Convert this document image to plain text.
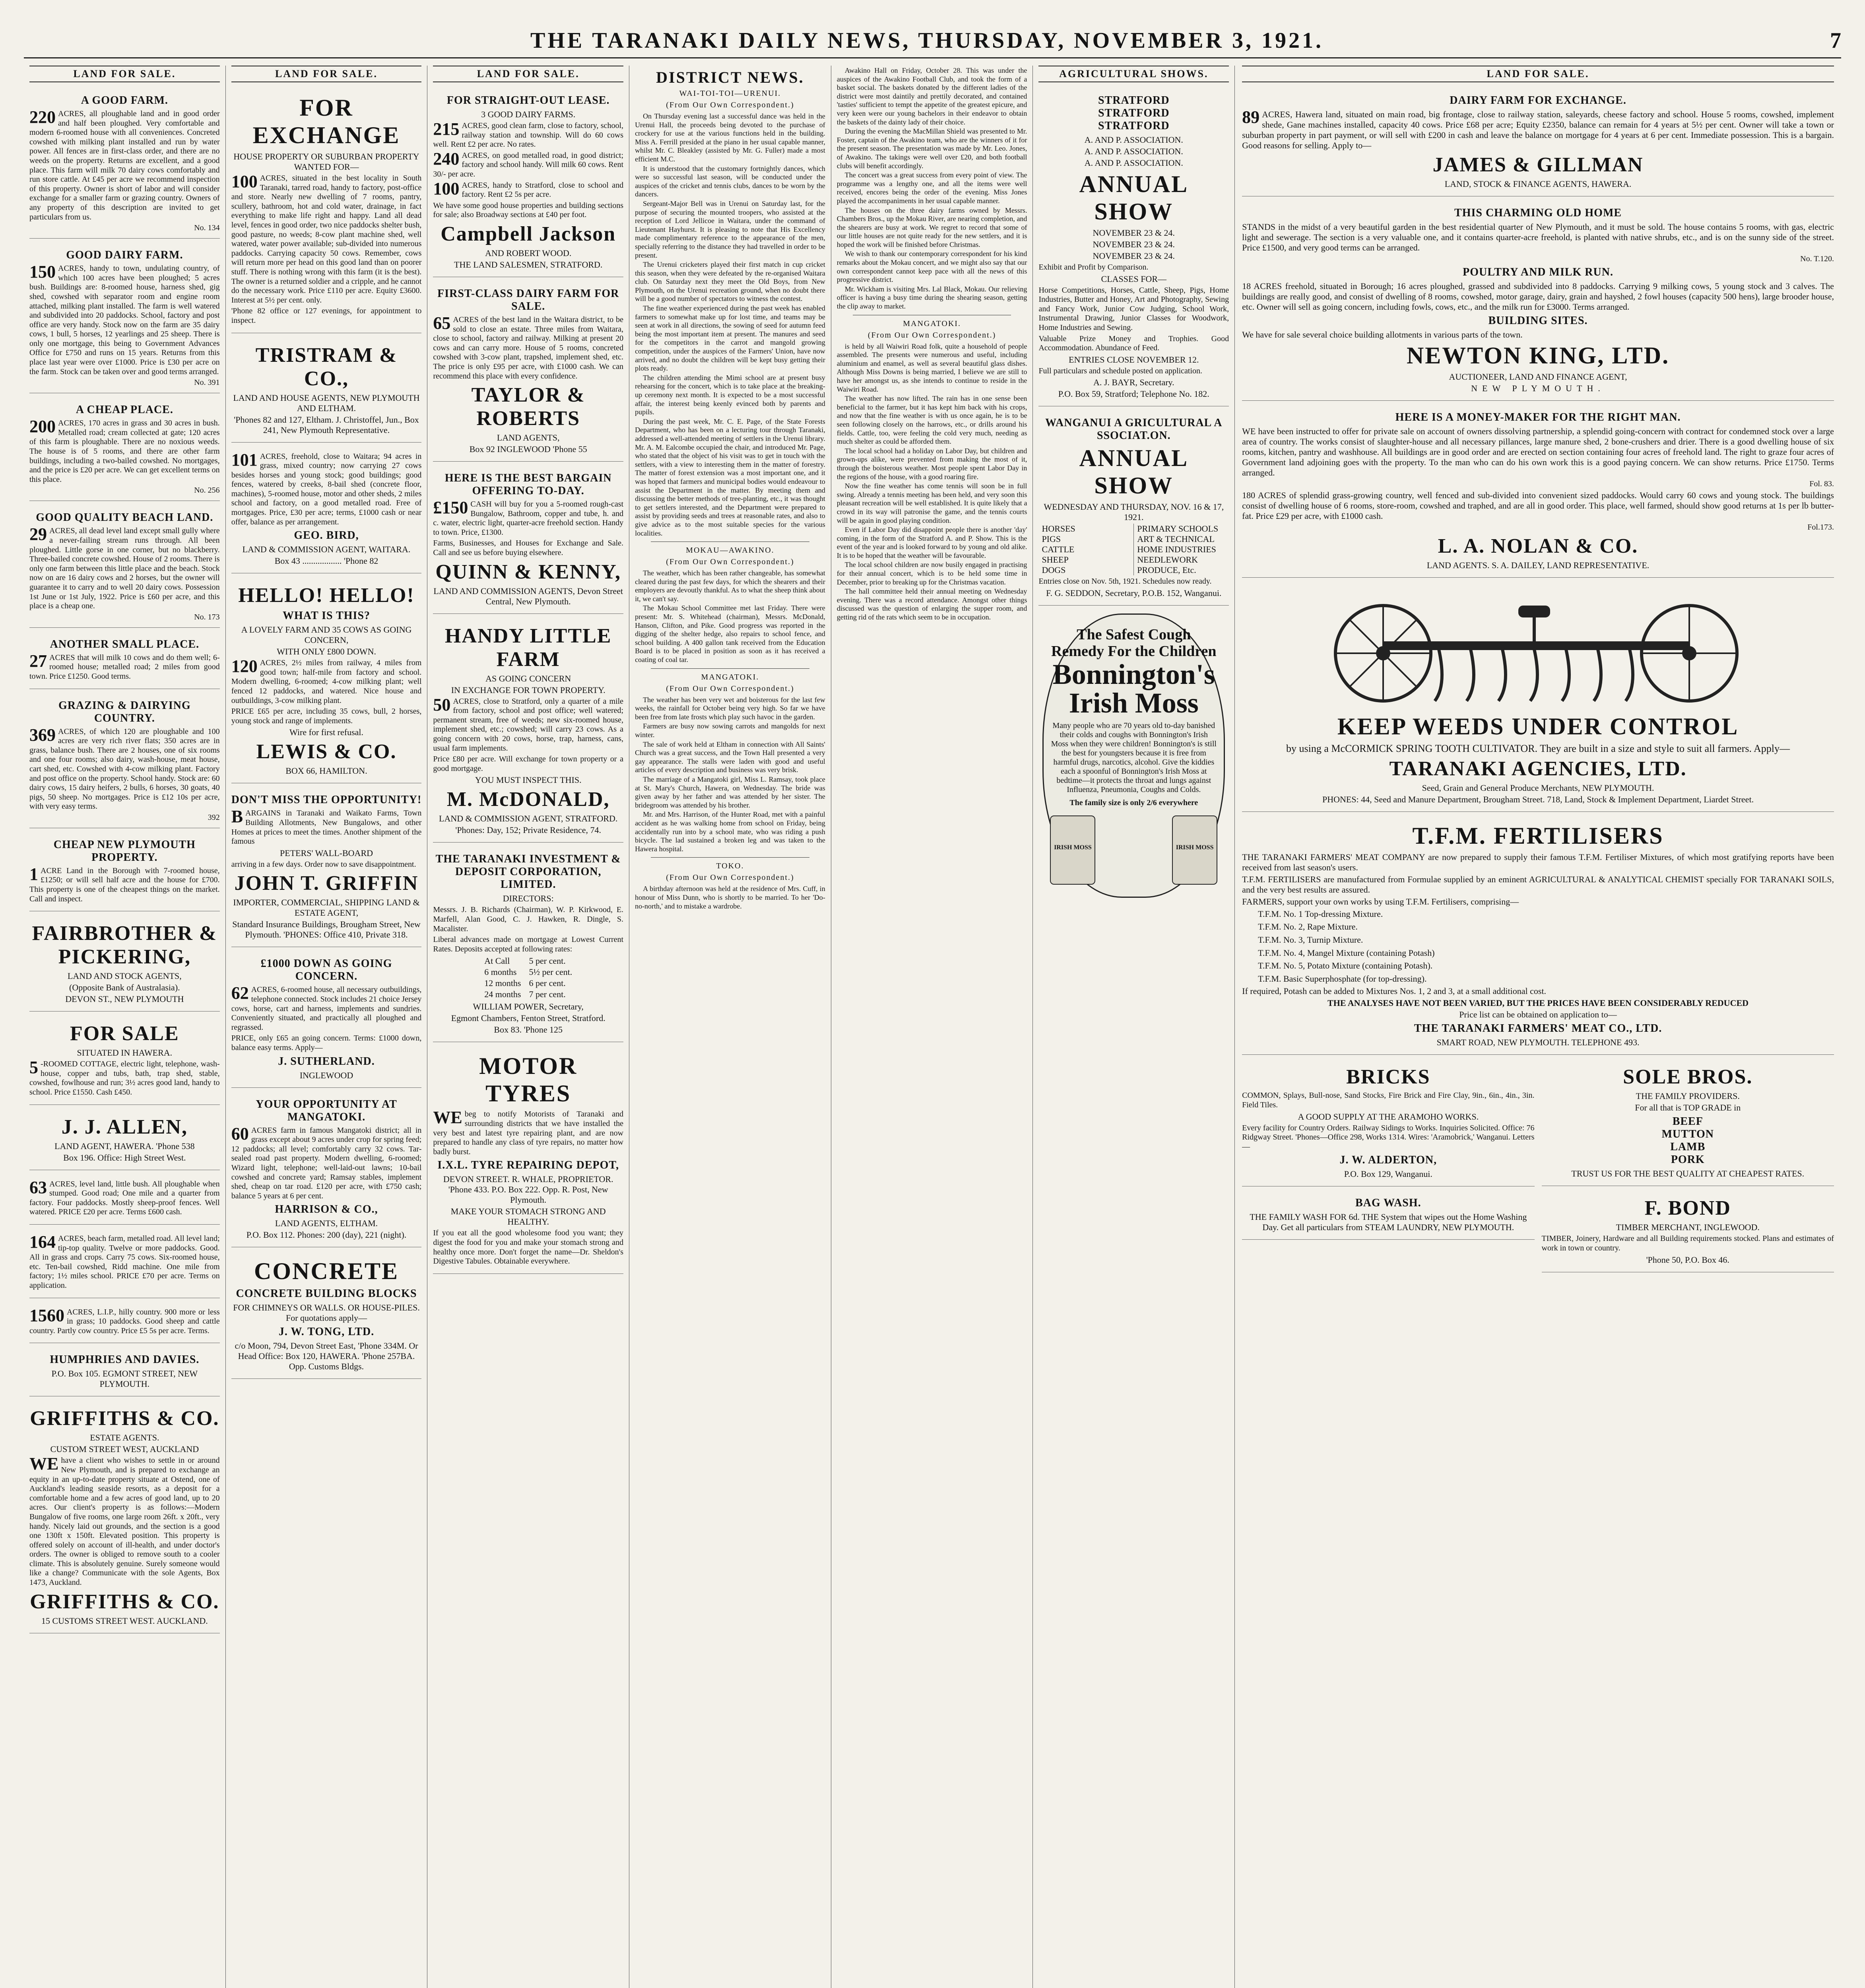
THE TARANAKI DAILY NEWS, THURSDAY, NOVEMBER 3, 1921.	7
LAND FOR SALE.
A GOOD FARM.
220 ACRES, all ploughable land and in good order and half been ploughed. Very comfortable and modern 6-roomed house with all conveniences. Concreted cowshed with milking plant installed and run by water power. All fences are in first-class order, and there are no weeds on the property. Returns are excellent, and a good place. This farm will milk 70 dairy cows comfortably and run store cattle. At £45 per acre we recommend inspection of this property. Owner is short of labor and will consider exchange for a smaller farm or grazing country. Owners of any property of this description are invited to get particulars from us.
No. 134
GOOD DAIRY FARM.
150 ACRES, handy to town, undulating country, of which 100 acres have been ploughed; 5 acres bush. Buildings are: 8-roomed house, harness shed, gig shed, cowshed with separator room and engine room attached, milking plant installed. The farm is well watered and subdivided into 20 paddocks. School, factory and post office are very handy. Stock now on the farm are 35 dairy cows, 1 bull, 5 horses, 12 yearlings and 25 sheep. There is only one mortgage, this being to Government Advances Office for £750 and runs on 15 years. Returns from this place last year were over £1000. Price is £30 per acre on the farm. Stock can be taken over and good terms arranged.
No. 391
A CHEAP PLACE.
200 ACRES, 170 acres in grass and 30 acres in bush. Metalled road; cream collected at gate; 120 acres of this farm is ploughable. There are no noxious weeds. The house is of 5 rooms, and there are other farm buildings, including a two-bailed cowshed. No mortgages, and the price is £20 per acre. We can get excellent terms on this place.
No. 256
GOOD QUALITY BEACH LAND.
29 ACRES, all dead level land except small gully where a never-failing stream runs through. All been ploughed. Little gorse in one corner, but no blackberry. Three-bailed concrete cowshed. House of 2 rooms. There is only one farm between this little place and the beach. Stock now on are 16 dairy cows and 2 horses, but the owner will guarantee it to carry and to well 20 dairy cows. Possession 1st June or 1st July, 1922. Price is £60 per acre, and this place is a cheap one.
No. 173
ANOTHER SMALL PLACE.
27 ACRES that will milk 10 cows and do them well; 6-roomed house; metalled road; 2 miles from good town. Price £1250. Good terms.
GRAZING & DAIRYING COUNTRY.
369 ACRES, of which 120 are ploughable and 100 acres are very rich river flats; 350 acres are in grass, balance bush. There are 2 houses, one of six rooms and one four rooms; also dairy, wash-house, meat house, cart shed, etc. Cowshed with 4-cow milking plant. Factory and post office on the property. School handy. Stock are: 60 dairy cows, 15 dairy heifers, 2 bulls, 6 horses, 30 goats, 40 pigs, 50 sheep. No mortgages. Price is £12 10s per acre, with very easy terms.
392
CHEAP NEW PLYMOUTH PROPERTY.
1 ACRE Land in the Borough with 7-roomed house, £1250; or will sell half acre and the house for £700. This property is one of the cheapest things on the market. Call and inspect.
FAIRBROTHER & PICKERING,
LAND AND STOCK AGENTS,
(Opposite Bank of Australasia).
DEVON ST., NEW PLYMOUTH
FOR SALE
SITUATED IN HAWERA.
5 -ROOMED COTTAGE, electric light, telephone, wash-house, copper and tubs, bath, trap shed, stable, cowshed, fowlhouse and run; 3½ acres good land, handy to school. Price £1550. Cash £450.
J. J. ALLEN,
LAND AGENT, HAWERA. 'Phone 538
Box 196. Office: High Street West.
63 ACRES, level land, little bush. All ploughable when stumped. Good road; One mile and a quarter from factory. Four paddocks. Mostly sheep-proof fences. Well watered. PRICE £20 per acre. Terms £600 cash.
164 ACRES, beach farm, metalled road. All level land; tip-top quality. Twelve or more paddocks. Good. All in grass and crops. Carry 75 cows. Six-roomed house, etc. Ten-bail cowshed, Ridd machine. One mile from factory; 1½ miles school. PRICE £70 per acre. Terms on application.
1560 ACRES, L.I.P., hilly country. 900 more or less in grass; 10 paddocks. Good sheep and cattle country. Partly cow country. Price £5 5s per acre. Terms.
HUMPHRIES AND DAVIES.
P.O. Box 105. EGMONT STREET, NEW PLYMOUTH.
GRIFFITHS & CO.
ESTATE AGENTS.
CUSTOM STREET WEST, AUCKLAND
WE have a client who wishes to settle in or around New Plymouth, and is prepared to exchange an equity in an up-to-date property situate at Ostend, one of Auckland's leading seaside resorts, as a deposit for a comfortable home and a few acres of good land, up to 20 acres. Our client's property is as follows:—Modern Bungalow of five rooms, one large room 26ft. x 20ft., very handy. Nicely laid out grounds, and the section is a good one 130ft x 150ft. Elevated position. This property is offered solely on account of ill-health, and under doctor's orders. The owner is obliged to remove south to a cooler climate. This is absolutely genuine. Surely someone would like a change? Communicate with the sole Agents, Box 1473, Auckland.
GRIFFITHS & CO.
15 CUSTOMS STREET WEST. AUCKLAND.
LAND FOR SALE.
FOR EXCHANGE
HOUSE PROPERTY OR SUBURBAN PROPERTY WANTED FOR—
100 ACRES, situated in the best locality in South Taranaki, tarred road, handy to factory, post-office and store. Nearly new dwelling of 7 rooms, pantry, scullery, bathroom, hot and cold water, drainage, in fact everything to make life right and happy. Land all dead level, fences in good order, two nice paddocks shelter bush, good pasture, no weeds; 8-cow plant machine shed, well watered, water power available; sub-divided into numerous paddocks. Carrying capacity 50 cows. Remember, cows will return more per head on this good land than on poorer stuff. There is nothing wrong with this farm (it is the best). The owner is a returned soldier and a cripple, and he cannot do the necessary work. Price £110 per acre. Equity £3600. Interest at 5½ per cent. only.
'Phone 82 office or 127 evenings, for appointment to inspect.
TRISTRAM & CO.,
LAND AND HOUSE AGENTS, NEW PLYMOUTH AND ELTHAM.
'Phones 82 and 127, Eltham. J. Christoffel, Jun., Box 241, New Plymouth Representative.
101 ACRES, freehold, close to Waitara; 94 acres in grass, mixed country; now carrying 27 cows besides horses and young stock; good buildings; good fences, watered by creeks, 8-bail shed (concrete floor, machines), 5-roomed house, motor and other sheds, 2 miles school and factory, on a good metalled road. Free of mortgages. Price, £30 per acre; terms, £1000 cash or near offer, balance as per arrangement.
GEO. BIRD,
LAND & COMMISSION AGENT, WAITARA.
Box 43 .................. 'Phone 82
HELLO! HELLO!
WHAT IS THIS?
A LOVELY FARM AND 35 COWS AS GOING CONCERN,
WITH ONLY £800 DOWN.
120 ACRES, 2½ miles from railway, 4 miles from good town; half-mile from factory and school. Modern dwelling, 6-roomed; 4-cow milking plant; well fenced 12 paddocks, and watered. Nice house and outbuildings, 3-cow milking plant.
PRICE £65 per acre, including 35 cows, bull, 2 horses, young stock and range of implements.
Wire for first refusal.
LEWIS & CO.
BOX 66, HAMILTON.
DON'T MISS THE OPPORTUNITY!
BARGAINS in Taranaki and Waikato Farms, Town Building Allotments, New Bungalows, and other Homes at prices to meet the times. Another shipment of the famous
PETERS' WALL-BOARD
arriving in a few days. Order now to save disappointment.
JOHN T. GRIFFIN
IMPORTER, COMMERCIAL, SHIPPING LAND & ESTATE AGENT,
Standard Insurance Buildings, Brougham Street, New Plymouth. 'PHONES: Office 410, Private 318.
£1000 DOWN AS GOING CONCERN.
62 ACRES, 6-roomed house, all necessary outbuildings, telephone connected. Stock includes 21 choice Jersey cows, horse, cart and harness, implements and sundries. Conveniently situated, and practically all ploughed and regrassed.
PRICE, only £65 an going concern. Terms: £1000 down, balance easy terms. Apply—
J. SUTHERLAND.
INGLEWOOD
YOUR OPPORTUNITY AT MANGATOKI.
60 ACRES farm in famous Mangatoki district; all in grass except about 9 acres under crop for spring feed; 12 paddocks; all level; comfortably carry 32 cows. Tar-sealed road past property. Modern dwelling, 6-roomed; Wizard light, telephone; well-laid-out lawns; 10-bail cowshed and concrete yard; Ramsay stables, implement shed, cheap on tar road. £120 per acre, with £750 cash; balance 5 years at 6 per cent.
HARRISON & CO.,
LAND AGENTS, ELTHAM.
P.O. Box 112. Phones: 200 (day), 221 (night).
CONCRETE
CONCRETE BUILDING BLOCKS
FOR CHIMNEYS OR WALLS. OR HOUSE-PILES. For quotations apply—
J. W. TONG, LTD.
c/o Moon, 794, Devon Street East, 'Phone 334M. Or Head Office: Box 120, HAWERA. 'Phone 257BA. Opp. Customs Bldgs.
LAND FOR SALE.
FOR STRAIGHT-OUT LEASE.
3 GOOD DAIRY FARMS.
215 ACRES, good clean farm, close to factory, school, railway station and township. Will do 60 cows well. Rent £2 per acre. No rates.
240 ACRES, on good metalled road, in good district; factory and school handy. Will milk 60 cows. Rent 30/- per acre.
100 ACRES, handy to Stratford, close to school and factory. Rent £2 5s per acre.
We have some good house properties and building sections for sale; also Broadway sections at £40 per foot.
Campbell Jackson
AND ROBERT WOOD.
THE LAND SALESMEN, STRATFORD.
FIRST-CLASS DAIRY FARM FOR SALE.
65 ACRES of the best land in the Waitara district, to be sold to close an estate. Three miles from Waitara, close to school, factory and railway. Milking at present 20 cows and can carry more. House of 5 rooms, concreted cowshed with 3-cow plant, trapshed, implement shed, etc. The price is only £95 per acre, with £1000 cash. We can recommend this place with every confidence.
TAYLOR & ROBERTS
LAND AGENTS,
Box 92 INGLEWOOD 'Phone 55
HERE IS THE BEST BARGAIN OFFERING TO-DAY.
£150 CASH will buy for you a 5-roomed rough-cast Bungalow, Bathroom, copper and tube, h. and c. water, electric light, quarter-acre freehold section. Handy to town. Price, £1300.
Farms, Businesses, and Houses for Exchange and Sale. Call and see us before buying elsewhere.
QUINN & KENNY,
LAND AND COMMISSION AGENTS, Devon Street Central, New Plymouth.
HANDY LITTLE FARM
AS GOING CONCERN
IN EXCHANGE FOR TOWN PROPERTY.
50 ACRES, close to Stratford, only a quarter of a mile from factory, school and post office; well watered; permanent stream, free of weeds; new six-roomed house, implement shed, etc.; cowshed; will carry 23 cows. As a going concern with 20 cows, horse, trap, harness, cans, usual farm implements.
Price £80 per acre. Will exchange for town property or a good mortgage.
YOU MUST INSPECT THIS.
M. McDONALD,
LAND & COMMISSION AGENT, STRATFORD.
'Phones: Day, 152; Private Residence, 74.
THE TARANAKI INVESTMENT & DEPOSIT CORPORATION, LIMITED.
DIRECTORS:
Messrs. J. B. Richards (Chairman), W. P. Kirkwood, E. Marfell, Alan Good, C. J. Hawken, R. Dingle, S. Macalister.
Liberal advances made on mortgage at Lowest Current Rates. Deposits accepted at following rates:
At Call	5 per cent.
6 months	5½ per cent.
12 months	6 per cent.
24 months	7 per cent.
WILLIAM POWER, Secretary,
Egmont Chambers, Fenton Street, Stratford.
Box 83. 'Phone 125
MOTOR TYRES
WE beg to notify Motorists of Taranaki and surrounding districts that we have installed the very best and latest tyre repairing plant, and are now prepared to handle any class of tyre repairs, no matter how badly burst.
I.X.L. TYRE REPAIRING DEPOT,
DEVON STREET. R. WHALE, PROPRIETOR. 'Phone 433. P.O. Box 222. Opp. R. Post, New Plymouth.
MAKE YOUR STOMACH STRONG AND HEALTHY.
If you eat all the good wholesome food you want; they digest the food for you and make your stomach strong and healthy once more. Don't forget the name—Dr. Sheldon's Digestive Tabules. Obtainable everywhere.
DISTRICT NEWS.
WAI-TOI-TOI—URENUI.
(From Our Own Correspondent.)

On Thursday evening last a successful dance was held in the Urenui Hall, the proceeds being devoted to the purchase of crockery for use at the various functions held in the building. Miss A. Ferrill presided at the piano in her usual capable manner, whilst Mr. C. Bleakley (assisted by Mr. G. Fuller) made a most efficient M.C.

It is understood that the customary fortnightly dances, which were so successful last season, will be conducted under the auspices of the cricket and tennis clubs, dances to be worn by the dancers.

Sergeant-Major Bell was in Urenui on Saturday last, for the purpose of securing the mounted troopers, who assisted at the reception of Lord Jellicoe in Waitara, under the command of Lieutenant Hayhurst. It is pleasing to note that His Excellency made complimentary reference to the appearance of the men, specially referring to the distance they had travelled in order to be present.

The Urenui cricketers played their first match in cup cricket this season, when they were defeated by the re-organised Waitara club. On Saturday next they meet the Old Boys, from New Plymouth, on the Urenui recreation ground, when no doubt there will be a good number of spectators to witness the contest.

The fine weather experienced during the past week has enabled farmers to somewhat make up for lost time, and teams may be seen at work in all directions, the sowing of seed for autumn feed being the most important item at present. The manures and seed for the competitors in the carrot and mangold growing competition, under the auspices of the Farmers' Union, have now arrived, and no doubt the children will be kept busy getting their plots ready.

The children attending the Mimi school are at present busy rehearsing for the concert, which is to take place at the breaking-up ceremony next month. It is expected to be a most successful affair, the interest being keenly evinced both by parents and pupils.

During the past week, Mr. C. E. Page, of the State Forests Department, who has been on a lecturing tour through Taranaki, addressed a well-attended meeting of settlers in the Urenui library. Mr. A. M. Ealcombe occupied the chair, and introduced Mr. Page, who stated that the object of his visit was to get in touch with the settlers, with a view to interesting them in the matter of forestry. The matter of forest extension was a most important one, and it was hoped that farmers and municipal bodies would endeavour to assist the Department in the matter. By meeting them and discussing the better methods of tree-planting, etc., it was thought to get settlers interested, and the Department were prepared to assist by providing seeds and trees at reasonable rates, and also to give advice as to the most suitable species for the various localities.

MOKAU—AWAKINO.
(From Our Own Correspondent.)

The weather, which has been rather changeable, has somewhat cleared during the past few days, for which the shearers and their employers are devoutly thankful. As to what the sheep think about it, we can't say.

The Mokau School Committee met last Friday. There were present: Mr. S. Whitehead (chairman), Messrs. McDonald, Hanson, Clifton, and Pike. Good progress was reported in the digging of the shelter hedge, also repairs to school fence, and school building. A 400 gallon tank received from the Education Board is to be placed in position as soon as it has received a coating of coal tar.

MANGATOKI.
(From Our Own Correspondent.)

The weather has been very wet and boisterous for the last few weeks, the rainfall for October being very high. So far we have been free from late frosts which play such havoc in the garden.

Farmers are busy now sowing carrots and mangolds for next winter.

The sale of work held at Eltham in connection with All Saints' Church was a great success, and the Town Hall presented a very gay appearance. The stalls were laden with good and useful articles of every description and business was very brisk.

The marriage of a Mangatoki girl, Miss L. Ramsay, took place at St. Mary's Church, Hawera, on Wednesday. The bride was given away by her father and was attended by her sister. The bridegroom was attended by his brother.

Mr. and Mrs. Harrison, of the Hunter Road, met with a painful accident as he was walking home from school on Friday, being accidentally run into by a school mate, who was riding a push bicycle. The lad sustained a broken leg and was taken to the Hawera hospital.

TOKO.
(From Our Own Correspondent.)

A birthday afternoon was held at the residence of Mrs. Cuff, in honour of Miss Dunn, who is shortly to be married. To her 'Do-no-north,' and to mistake a wardrobe.

Awakino Hall on Friday, October 28. This was under the auspices of the Awakino Football Club, and took the form of a basket social. The baskets donated by the different ladies of the district were most daintily and prettily decorated, and contained 'tasties' sufficient to tempt the appetite of the greatest epicure, and very keen were our young bachelors in their endeavor to obtain the baskets of the dainty lady of their choice.

During the evening the MacMillan Shield was presented to Mr. Foster, captain of the Awakino team, who are the winners of it for the present season. The presentation was made by Mr. Leo. Jones, of Awakino. The takings were well over £20, and both football clubs will benefit accordingly.

The concert was a great success from every point of view. The programme was a lengthy one, and all the items were well received, encores being the order of the evening. Miss Jones played the accompaniments in her usual capable manner.

The houses on the three dairy farms owned by Messrs. Chambers Bros., up the Mokau River, are nearing completion, and the shearers are busy at work. We regret to record that some of our little houses are not quite ready for the new settlers, and it is hoped the work will be finished before Christmas.

We wish to thank our contemporary correspondent for his kind remarks about the Mokau concert, and we might also say that our own correspondent cannot keep pace with all the news of this progressive district.

Mr. Wickham is visiting Mrs. Lal Black, Mokau. Our relieving officer is having a busy time during the shearing season, getting the clip away to market.

MANGATOKI.
(From Our Own Correspondent.)

is held by all Waiwiri Road folk, quite a household of people assembled. The presents were numerous and useful, including aluminium and enamel, as well as several beautiful glass dishes. Although Miss Downs is being married, I believe we are still to have her amongst us, as she intends to continue to reside in the Waiwiri Road.

The weather has now lifted. The rain has in one sense been beneficial to the farmer, but it has kept him back with his crops, and now that the fine weather is with us once again, he is to be seen following closely on the harrows, etc., or drills around his fields. Cattle, too, were feeling the cold very much, needing as much shelter as could be afforded them.

The local school had a holiday on Labor Day, but children and grown-ups alike, were prevented from making the most of it, through the boisterous weather. Most people spent Labor Day in the regions of the house, with a good roaring fire.

Now the fine weather has come tennis will soon be in full swing. Already a tennis meeting has been held, and very soon this pleasant recreation will be well established. It is quite likely that a crowd in its way will patronise the game, and the tennis courts will be again in good playing condition.

Even if Labor Day did disappoint people there is another 'day' coming, in the form of the Stratford A. and P. Show. This is the event of the year and is looked forward to by young and old alike. It is to be hoped that the weather will be favourable.

The local school children are now busily engaged in practising for their annual concert, which is to be held some time in December, prior to breaking up for the Christmas vacation.

The hall committee held their annual meeting on Wednesday evening. There was a record attendance. Amongst other things discussed was the question of enlarging the supper room, and getting rid of the rats which seem to be in occupation.

AGRICULTURAL SHOWS.
STRATFORD
STRATFORD
STRATFORD
A. AND P. ASSOCIATION.
A. AND P. ASSOCIATION.
A. AND P. ASSOCIATION.
ANNUAL SHOW
NOVEMBER 23 & 24.
NOVEMBER 23 & 24.
NOVEMBER 23 & 24.
Exhibit and Profit by Comparison.
CLASSES FOR—
Horse Competitions, Horses, Cattle, Sheep, Pigs, Home Industries, Butter and Honey, Art and Photography, Sewing and Fancy Work, Junior Cow Judging, School Work, Instrumental Drawing, Junior Classes for Woodwork, Home Industries and Sewing.
Valuable Prize Money and Trophies. Good Accommodation. Abundance of Feed.
ENTRIES CLOSE NOVEMBER 12.
Full particulars and schedule posted on application.
A. J. BAYR, Secretary.
P.O. Box 59, Stratford; Telephone No. 182.
WANGANUI A GRICULTURAL A SSOCIAT.ON.
ANNUAL SHOW
WEDNESDAY AND THURSDAY, NOV. 16 & 17, 1921.
HORSES
PIGS
CATTLE
SHEEP
DOGS
PRIMARY SCHOOLS
ART & TECHNICAL
HOME INDUSTRIES
NEEDLEWORK
PRODUCE, Etc.
Entries close on Nov. 5th, 1921. Schedules now ready.
F. G. SEDDON, Secretary, P.O.B. 152, Wanganui.
The Safest Cough Remedy For the Children
Bonnington's Irish Moss
Many people who are 70 years old to-day banished their colds and coughs with Bonnington's Irish Moss when they were children! Bonnington's is still the best for youngsters because it is free from harmful drugs, narcotics, alcohol. Give the kiddies each a spoonful of Bonnington's Irish Moss at bedtime—it protects the throat and lungs against Influenza, Pneumonia, Coughs and Colds.
The family size is only 2/6 everywhere
IRISH MOSS	IRISH MOSS
LAND FOR SALE.
DAIRY FARM FOR EXCHANGE.
89 ACRES, Hawera land, situated on main road, big frontage, close to railway station, saleyards, cheese factory and school. House 5 rooms, cowshed, implement shede, Gane machines installed, capacity 40 cows. Price £68 per acre; Equity £2350, balance can remain for 4 years at 5½ per cent. Owner will take a town or suburban property in part payment, or will sell with £200 in cash and leave the balance on mortgage for 4 years at 6 per cent. Immediate possession. This is a bargain. Good reasons for selling. Apply to—
JAMES & GILLMAN
LAND, STOCK & FINANCE AGENTS, HAWERA.
THIS CHARMING OLD HOME
STANDS in the midst of a very beautiful garden in the best residential quarter of New Plymouth, and it must be sold. The house contains 5 rooms, with gas, electric light and sewerage. The section is a very valuable one, and it contains quarter-acre freehold, is planted with native shrubs, etc., and is on the sunny side of the street. Price £1500, and very good terms can be arranged.
No. T.120.
POULTRY AND MILK RUN.
18 ACRES freehold, situated in Borough; 16 acres ploughed, grassed and subdivided into 8 paddocks. Carrying 9 milking cows, 5 young stock and 3 calves. The buildings are really good, and consist of dwelling of 8 rooms, cowshed, motor garage, dairy, grain and hayshed, 2 fowl houses (capacity 500 hens), large brooder house, etc. Owner will sell as going concern, including fowls, cows, etc., and the milk run for £3000. Terms arranged.
BUILDING SITES.
We have for sale several choice building allotments in various parts of the town.
NEWTON KING, LTD.
AUCTIONEER, LAND AND FINANCE AGENT,
NEW PLYMOUTH.
HERE IS A MONEY-MAKER FOR THE RIGHT MAN.
WE have been instructed to offer for private sale on account of owners dissolving partnership, a splendid going-concern with contract for condemned stock over a large area of country. The works consist of slaughter-house and all necessary pillances, large manure shed, 2 bone-crushers and drier. There is a good dwelling house of six rooms, kitchen, pantry and washhouse. All buildings are in good order and are erected on section containing four acres of freehold land. The right to graze four acres of Government land adjoining goes with the property. To the man who can do his own work this is a good paying concern. We can show returns. Price £1750. Terms arranged.
Fol. 83.
180 ACRES of splendid grass-growing country, well fenced and sub-divided into convenient sized paddocks. Would carry 60 cows and young stock. The buildings consist of dwelling house of 6 rooms, store-room, cowshed and traphed, and are all in good order. This place, well farmed, should show good returns at 1s per lb butter-fat. Price £29 per acre, with £1000 cash.
Fol.173.
L. A. NOLAN & CO.
LAND AGENTS. S. A. DAILEY, LAND REPRESENTATIVE.
KEEP WEEDS UNDER CONTROL
by using a McCORMICK SPRING TOOTH CULTIVATOR. They are built in a size and style to suit all farmers. Apply—
TARANAKI AGENCIES, LTD.
Seed, Grain and General Produce Merchants, NEW PLYMOUTH.
PHONES: 44, Seed and Manure Department, Brougham Street. 718, Land, Stock & Implement Department, Liardet Street.
T.F.M. FERTILISERS
THE TARANAKI FARMERS' MEAT COMPANY are now prepared to supply their famous T.F.M. Fertiliser Mixtures, of which most gratifying reports have been received from last season's users.
T.F.M. FERTILISERS are manufactured from Formulae supplied by an eminent AGRICULTURAL & ANALYTICAL CHEMIST specially FOR TARANAKI SOILS, and the very best results are assured.
FARMERS, support your own works by using T.F.M. Fertilisers, comprising—
T.F.M. No. 1 Top-dressing Mixture.
T.F.M. No. 2, Rape Mixture.
T.F.M. No. 3, Turnip Mixture.
T.F.M. No. 4, Mangel Mixture (containing Potash)
T.F.M. No. 5, Potato Mixture (containing Potash).
T.F.M. Basic Superphosphate (for top-dressing).
If required, Potash can be added to Mixtures Nos. 1, 2 and 3, at a small additional cost.
THE ANALYSES HAVE NOT BEEN VARIED, BUT THE PRICES HAVE BEEN CONSIDERABLY REDUCED
Price list can be obtained on application to—
THE TARANAKI FARMERS' MEAT CO., LTD.
SMART ROAD, NEW PLYMOUTH. TELEPHONE 493.
BRICKS
COMMON, Splays, Bull-nose, Sand Stocks, Fire Brick and Fire Clay, 9in., 6in., 4in., 3in. Field Tiles.
A GOOD SUPPLY AT THE ARAMOHO WORKS.
Every facility for Country Orders. Railway Sidings to Works. Inquiries Solicited. Office: 76 Ridgway Street. 'Phones—Office 298, Works 1314. Wires: 'Aramobrick,' Wanganui. Letters—
J. W. ALDERTON,
P.O. Box 129, Wanganui.
BAG WASH.
THE FAMILY WASH FOR 6d. THE System that wipes out the Home Washing Day. Get all particulars from STEAM LAUNDRY, NEW PLYMOUTH.
SOLE BROS.
THE FAMILY PROVIDERS.
For all that is TOP GRADE in
BEEF
MUTTON
LAMB
PORK
TRUST US FOR THE BEST QUALITY AT CHEAPEST RATES.
F. BOND
TIMBER MERCHANT, INGLEWOOD.
TIMBER, Joinery, Hardware and all Building requirements stocked. Plans and estimates of work in town or country.
'Phone 50, P.O. Box 46.
